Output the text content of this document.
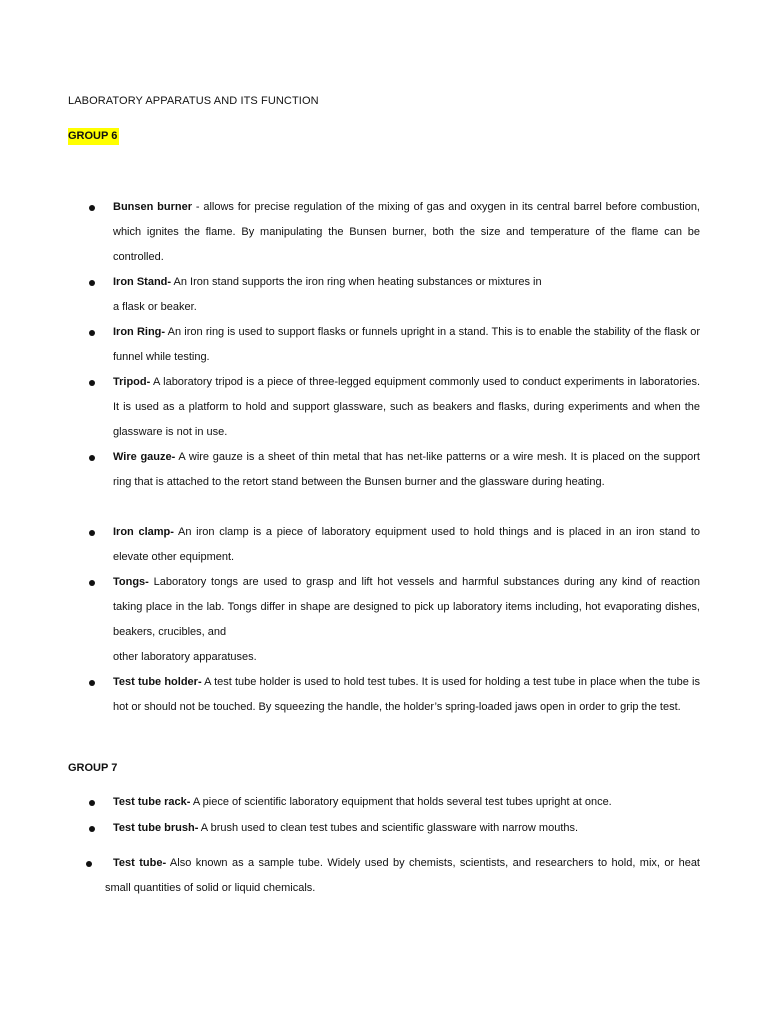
LABORATORY APPARATUS AND ITS FUNCTION
GROUP 6
Bunsen burner - allows for precise regulation of the mixing of gas and oxygen in its central barrel before combustion, which ignites the flame. By manipulating the Bunsen burner, both the size and temperature of the flame can be controlled.
Iron Stand- An Iron stand supports the iron ring when heating substances or mixtures in
a flask or beaker.
Iron Ring- An iron ring is used to support flasks or funnels upright in a stand. This is to enable the stability of the flask or funnel while testing.
Tripod- A laboratory tripod is a piece of three-legged equipment commonly used to conduct experiments in laboratories. It is used as a platform to hold and support glassware, such as beakers and flasks, during experiments and when the glassware is not in use.
Wire gauze- A wire gauze is a sheet of thin metal that has net-like patterns or a wire mesh. It is placed on the support ring that is attached to the retort stand between the Bunsen burner and the glassware during heating.
Iron clamp- An iron clamp is a piece of laboratory equipment used to hold things and is placed in an iron stand to elevate other equipment.
Tongs- Laboratory tongs are used to grasp and lift hot vessels and harmful substances during any kind of reaction taking place in the lab. Tongs differ in shape are designed to pick up laboratory items including, hot evaporating dishes, beakers, crucibles, and
other laboratory apparatuses.
Test tube holder- A test tube holder is used to hold test tubes. It is used for holding a test tube in place when the tube is hot or should not be touched. By squeezing the handle, the holder’s spring-loaded jaws open in order to grip the test.
GROUP 7
Test tube rack- A piece of scientific laboratory equipment that holds several test tubes upright at once.
Test tube brush- A brush used to clean test tubes and scientific glassware with narrow mouths.
Test tube- Also known as a sample tube. Widely used by chemists, scientists, and researchers to hold, mix, or heat small quantities of solid or liquid chemicals.
